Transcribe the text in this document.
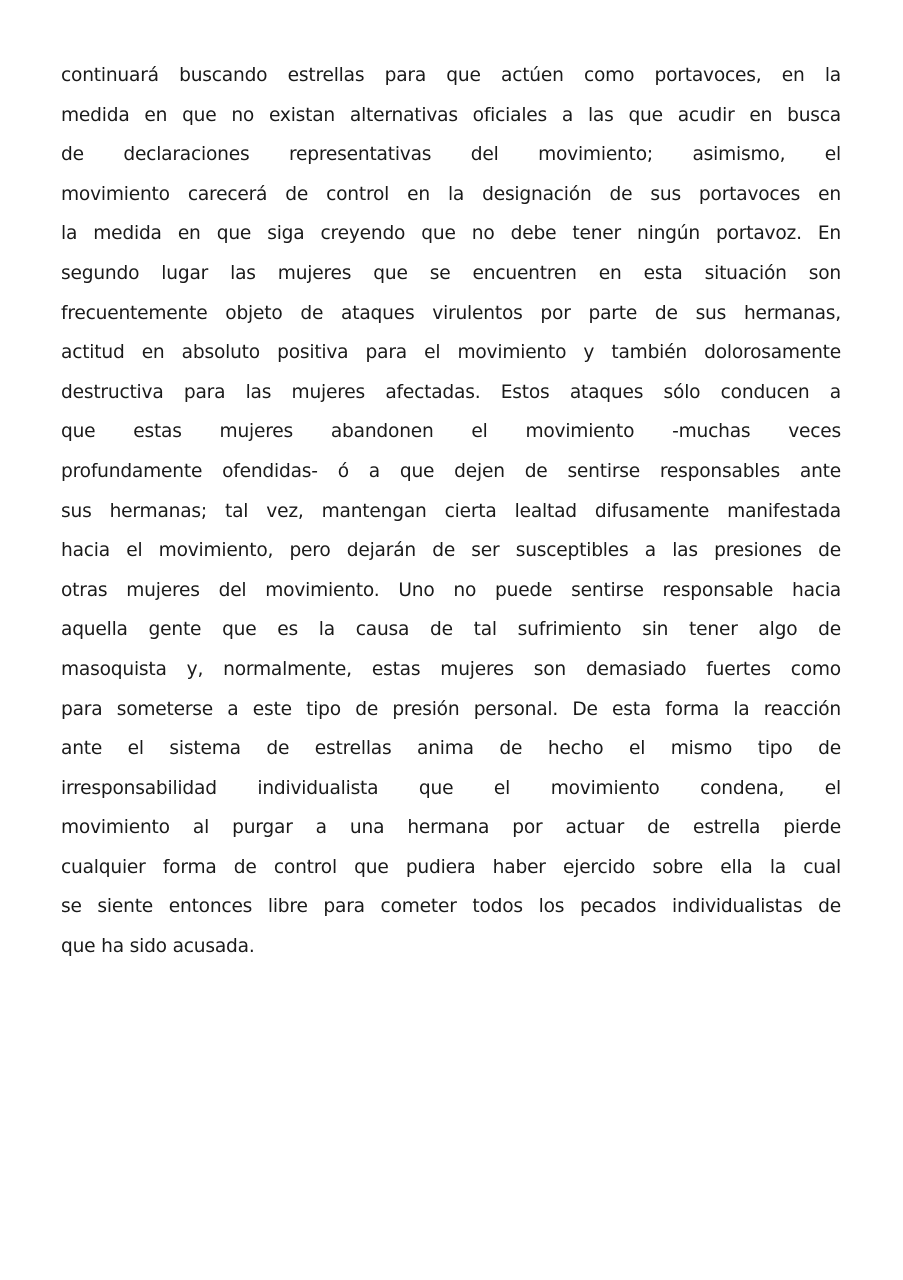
continuará buscando estrellas para que actúen como portavoces, en la
medida en que no existan alternativas oficiales a las que acudir en busca
de declaraciones representativas del movimiento; asimismo, el
movimiento carecerá de control en la designación de sus portavoces en
la medida en que siga creyendo que no debe tener ningún portavoz. En
segundo lugar las mujeres que se encuentren en esta situación son
frecuentemente objeto de ataques virulentos por parte de sus hermanas,
actitud en absoluto positiva para el movimiento y también dolorosamente
destructiva para las mujeres afectadas. Estos ataques sólo conducen a
que estas mujeres abandonen el movimiento -muchas veces
profundamente ofendidas- ó a que dejen de sentirse responsables ante
sus hermanas; tal vez, mantengan cierta lealtad difusamente manifestada
hacia el movimiento, pero dejarán de ser susceptibles a las presiones de
otras mujeres del movimiento. Uno no puede sentirse responsable hacia
aquella gente que es la causa de tal sufrimiento sin tener algo de
masoquista y, normalmente, estas mujeres son demasiado fuertes como
para someterse a este tipo de presión personal. De esta forma la reacción
ante el sistema de estrellas anima de hecho el mismo tipo de
irresponsabilidad individualista que el movimiento condena, el
movimiento al purgar a una hermana por actuar de estrella pierde
cualquier forma de control que pudiera haber ejercido sobre ella la cual
se siente entonces libre para cometer todos los pecados individualistas de
que ha sido acusada.
